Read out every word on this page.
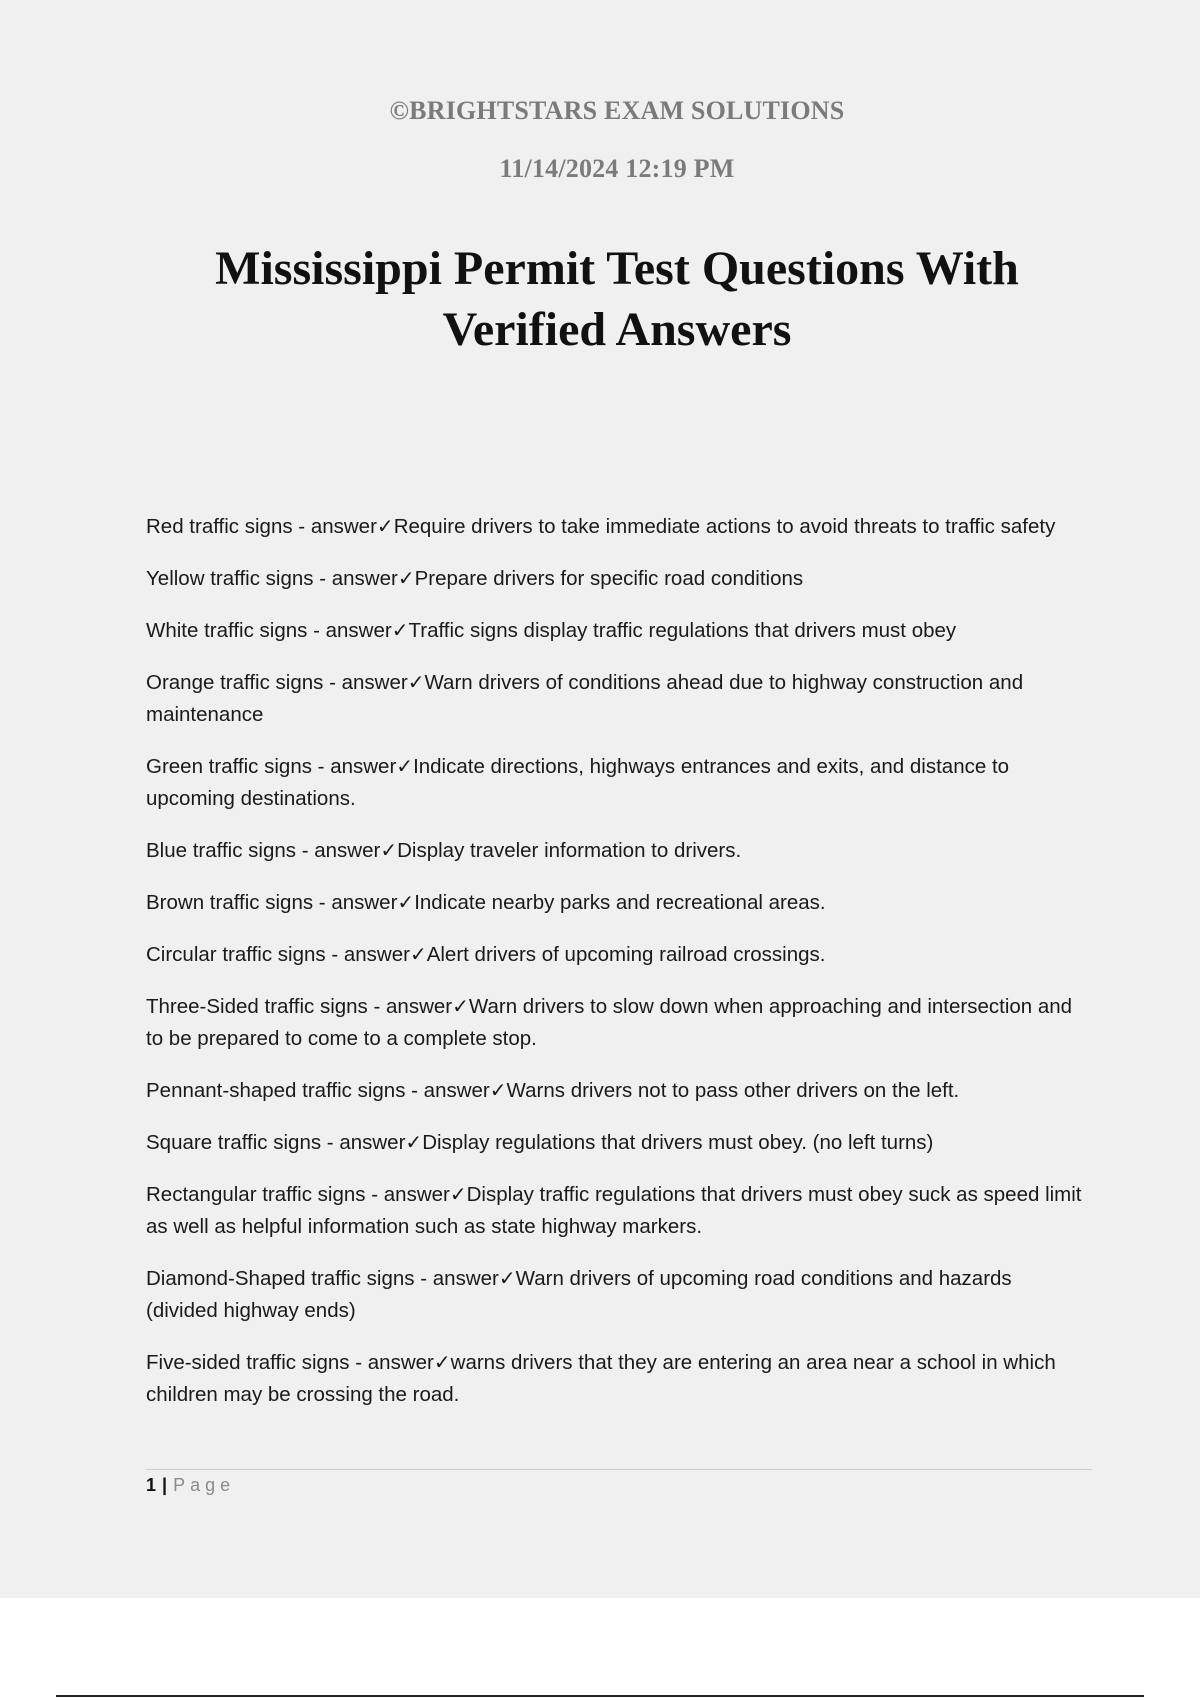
©BRIGHTSTARS EXAM SOLUTIONS
11/14/2024 12:19 PM
Mississippi Permit Test Questions With
Verified Answers
Red traffic signs - answer✓Require drivers to take immediate actions to avoid threats to traffic safety
Yellow traffic signs - answer✓Prepare drivers for specific road conditions
White traffic signs - answer✓Traffic signs display traffic regulations that drivers must obey
Orange traffic signs - answer✓Warn drivers of conditions ahead due to highway construction and maintenance
Green traffic signs - answer✓Indicate directions, highways entrances and exits, and distance to upcoming destinations.
Blue traffic signs - answer✓Display traveler information to drivers.
Brown traffic signs - answer✓Indicate nearby parks and recreational areas.
Circular traffic signs - answer✓Alert drivers of upcoming railroad crossings.
Three-Sided traffic signs - answer✓Warn drivers to slow down when approaching and intersection and to be prepared to come to a complete stop.
Pennant-shaped traffic signs - answer✓Warns drivers not to pass other drivers on the left.
Square traffic signs - answer✓Display regulations that drivers must obey. (no left turns)
Rectangular traffic signs - answer✓Display traffic regulations that drivers must obey suck as speed limit as well as helpful information such as state highway markers.
Diamond-Shaped traffic signs - answer✓Warn drivers of upcoming road conditions and hazards (divided highway ends)
Five-sided traffic signs - answer✓warns drivers that they are entering an area near a school in which children may be crossing the road.
1 | Page
